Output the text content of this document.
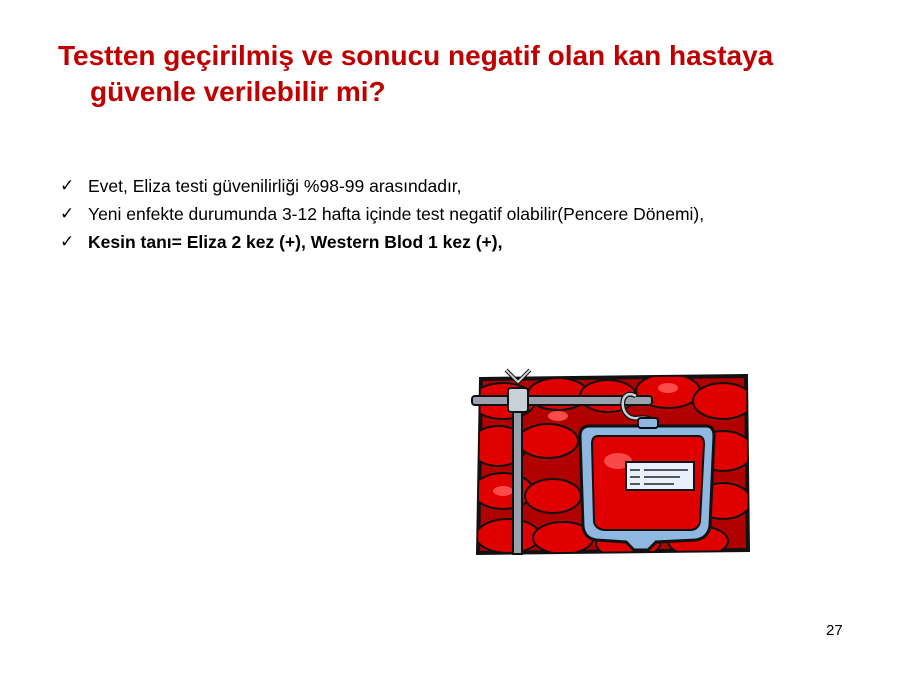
Testten geçirilmiş ve sonucu negatif olan kan hastaya güvenle verilebilir mi?
✓ Evet, Eliza testi güvenilirliği %98-99 arasındadır,
✓ Yeni enfekte durumunda 3-12 hafta içinde test negatif olabilir(Pencere Dönemi),
✓ Kesin tanı= Eliza 2 kez (+), Western Blod 1 kez (+),
27
